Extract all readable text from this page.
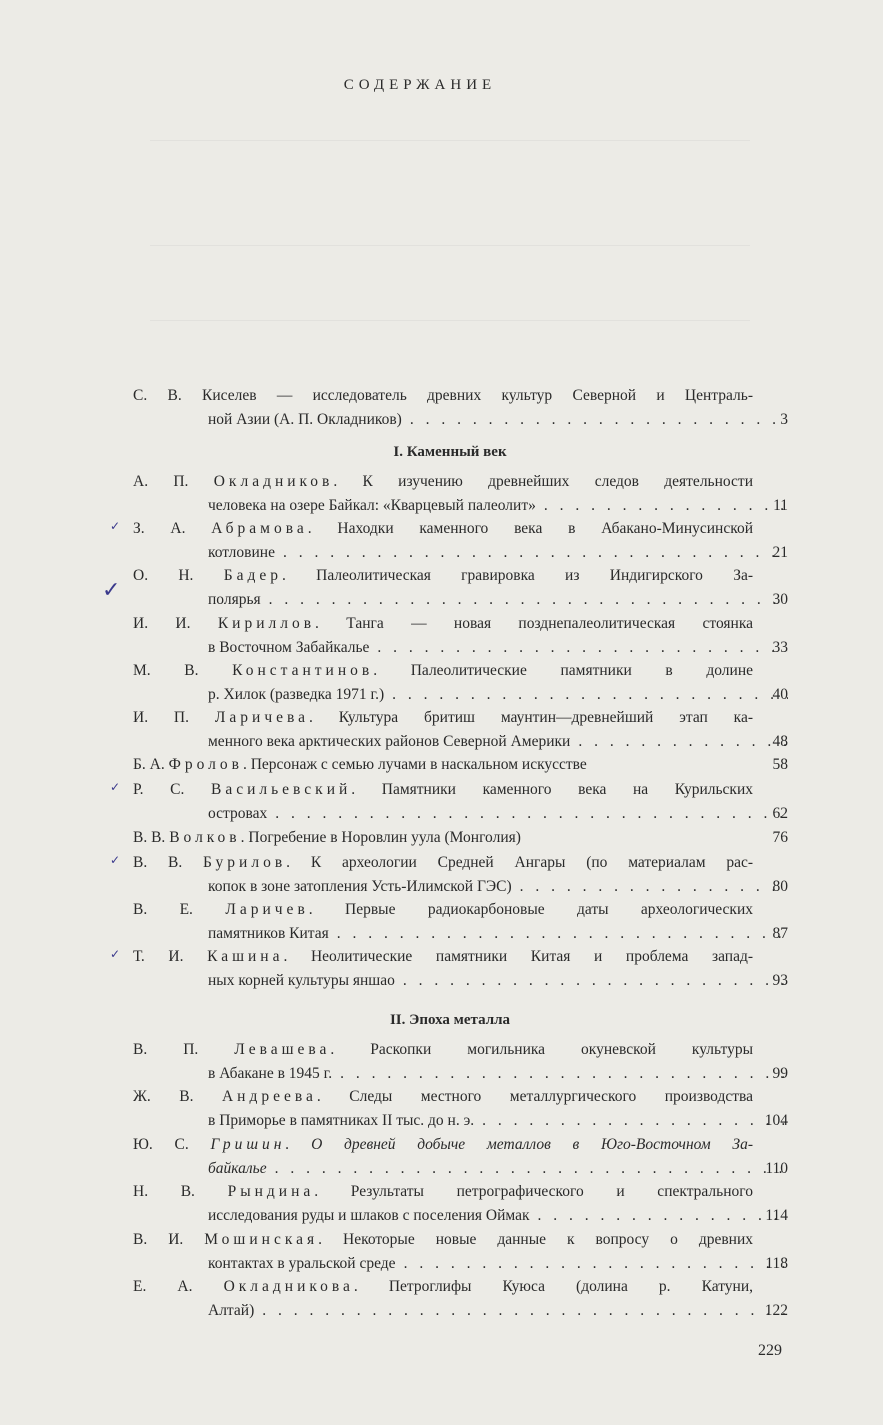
СОДЕРЖАНИЕ
С. В. Киселев — исследователь древних культур Северной и Централь-
ной Азии (А. П. Окладников) . . .	3
I. Каменный век
А. П. Окладников. К изучению древнейших следов деятельности
человека на озере Байкал: «Кварцевый палеолит» . . .	11
З. А. Абрамова. Находки каменного века в Абакано-Минусинской
котловине . . .	21
✓
О. Н. Бадер. Палеолитическая гравировка из Индигирского За-
полярья . . .	30
✓
И. И. Кириллов. Танга — новая позднепалеолитическая стоянка
в Восточном Забайкалье . . .	33
М. В. Константинов. Палеолитические памятники в долине
р. Хилок (разведка 1971 г.) . . .	40
И. П. Ларичева. Культура бритиш маунтин—древнейший этап ка-
менного века арктических районов Северной Америки . . .	48
Б. А. Фролов. Персонаж с семью лучами в наскальном искусстве	58
Р. С. Васильевский. Памятники каменного века на Курильских
островах . . .	62
✓
В. В. Волков. Погребение в Норовлин уула (Монголия)	76
В. В. Бурилов. К археологии Средней Ангары (по материалам рас-
копок в зоне затопления Усть-Илимской ГЭС) . . .	80
✓
В. Е. Ларичев. Первые радиокарбоновые даты археологических
памятников Китая . . .	87
Т. И. Кашина. Неолитические памятники Китая и проблема запад-
ных корней культуры яншао . . .	93
✓
II. Эпоха металла
В. П. Левашева. Раскопки могильника окуневской культуры
в Абакане в 1945 г. . . .	99
Ж. В. Андреева. Следы местного металлургического производства
в Приморье в памятниках II тыс. до н. э. . . .	104
Ю. С. Гришин. О древней добыче металлов в Юго-Восточном За-
байкалье . . .	110
Н. В. Рындина. Результаты петрографического и спектрального
исследования руды и шлаков с поселения Оймак . . .	114
В. И. Мошинская. Некоторые новые данные к вопросу о древних
контактах в уральской среде . . .	118
Е. А. Окладникова. Петроглифы Куюса (долина р. Катуни,
Алтай) . . .	122
229
